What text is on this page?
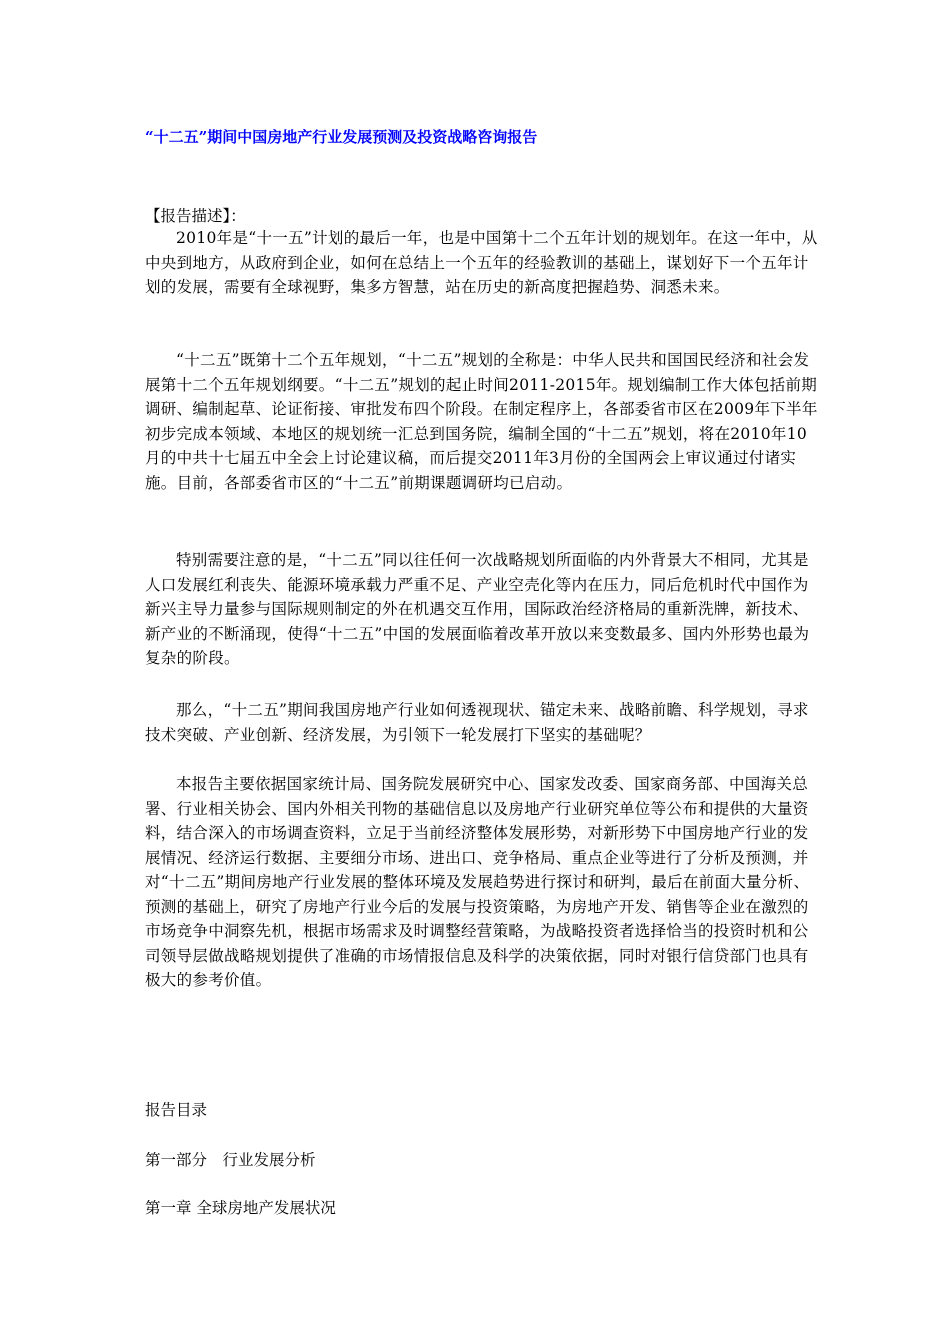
“十二五”期间中国房地产行业发展预测及投资战略咨询报告
【报告描述】：

2010年是“十一五”计划的最后一年，也是中国第十二个五年计划的规划年。在这一年中，从中央到地方，从政府到企业，如何在总结上一个五年的经验教训的基础上，谋划好下一个五年计划的发展，需要有全球视野，集多方智慧，站在历史的新高度把握趋势、洞悉未来。

“十二五”既第十二个五年规划，“十二五”规划的全称是：中华人民共和国国民经济和社会发展第十二个五年规划纲要。“十二五”规划的起止时间2011-2015年。规划编制工作大体包括前期调研、编制起草、论证衔接、审批发布四个阶段。在制定程序上，各部委省市区在2009年下半年初步完成本领域、本地区的规划统一汇总到国务院，编制全国的“十二五”规划，将在2010年10月的中共十七届五中全会上讨论建议稿，而后提交2011年3月份的全国两会上审议通过付诸实施。目前，各部委省市区的“十二五”前期课题调研均已启动。

特别需要注意的是，“十二五”同以往任何一次战略规划所面临的内外背景大不相同，尤其是人口发展红利丧失、能源环境承载力严重不足、产业空壳化等内在压力，同后危机时代中国作为新兴主导力量参与国际规则制定的外在机遇交互作用，国际政治经济格局的重新洗牌，新技术、新产业的不断涌现，使得“十二五”中国的发展面临着改革开放以来变数最多、国内外形势也最为复杂的阶段。

那么，“十二五”期间我国房地产行业如何透视现状、锚定未来、战略前瞻、科学规划，寻求技术突破、产业创新、经济发展，为引领下一轮发展打下坚实的基础呢？

本报告主要依据国家统计局、国务院发展研究中心、国家发改委、国家商务部、中国海关总署、行业相关协会、国内外相关刊物的基础信息以及房地产行业研究单位等公布和提供的大量资料，结合深入的市场调查资料，立足于当前经济整体发展形势，对新形势下中国房地产行业的发展情况、经济运行数据、主要细分市场、进出口、竞争格局、重点企业等进行了分析及预测，并对“十二五”期间房地产行业发展的整体环境及发展趋势进行探讨和研判，最后在前面大量分析、预测的基础上，研究了房地产行业今后的发展与投资策略，为房地产开发、销售等企业在激烈的市场竞争中洞察先机，根据市场需求及时调整经营策略，为战略投资者选择恰当的投资时机和公司领导层做战略规划提供了准确的市场情报信息及科学的决策依据，同时对银行信贷部门也具有极大的参考价值。

报告目录
第一部分　行业发展分析
第一章 全球房地产发展状况
